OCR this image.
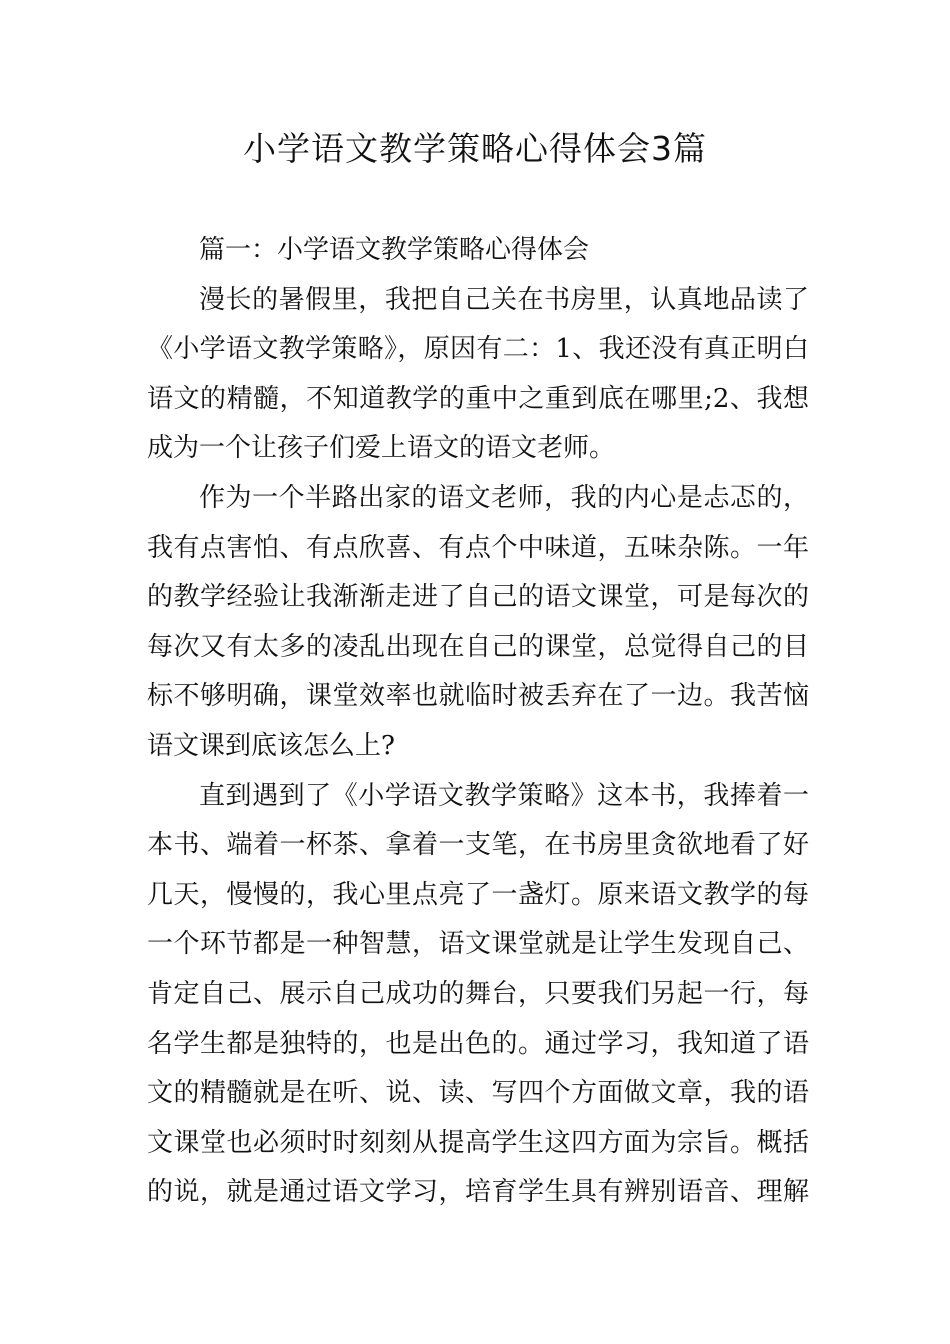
小学语文教学策略心得体会3篇
篇一：小学语文教学策略心得体会
漫长的暑假里，我把自己关在书房里，认真地品读了
《小学语文教学策略》，原因有二：1、我还没有真正明白
语文的精髓，不知道教学的重中之重到底在哪里;2、我想
成为一个让孩子们爱上语文的语文老师。
作为一个半路出家的语文老师，我的内心是忐忑的，
我有点害怕、有点欣喜、有点个中味道，五味杂陈。一年
的教学经验让我渐渐走进了自己的语文课堂，可是每次的
每次又有太多的凌乱出现在自己的课堂，总觉得自己的目
标不够明确，课堂效率也就临时被丢弃在了一边。我苦恼
语文课到底该怎么上?
直到遇到了《小学语文教学策略》这本书，我捧着一
本书、端着一杯茶、拿着一支笔，在书房里贪欲地看了好
几天，慢慢的，我心里点亮了一盏灯。原来语文教学的每
一个环节都是一种智慧，语文课堂就是让学生发现自己、
肯定自己、展示自己成功的舞台，只要我们另起一行，每
名学生都是独特的，也是出色的。通过学习，我知道了语
文的精髓就是在听、说、读、写四个方面做文章，我的语
文课堂也必须时时刻刻从提高学生这四方面为宗旨。概括
的说，就是通过语文学习，培育学生具有辨别语音、理解
